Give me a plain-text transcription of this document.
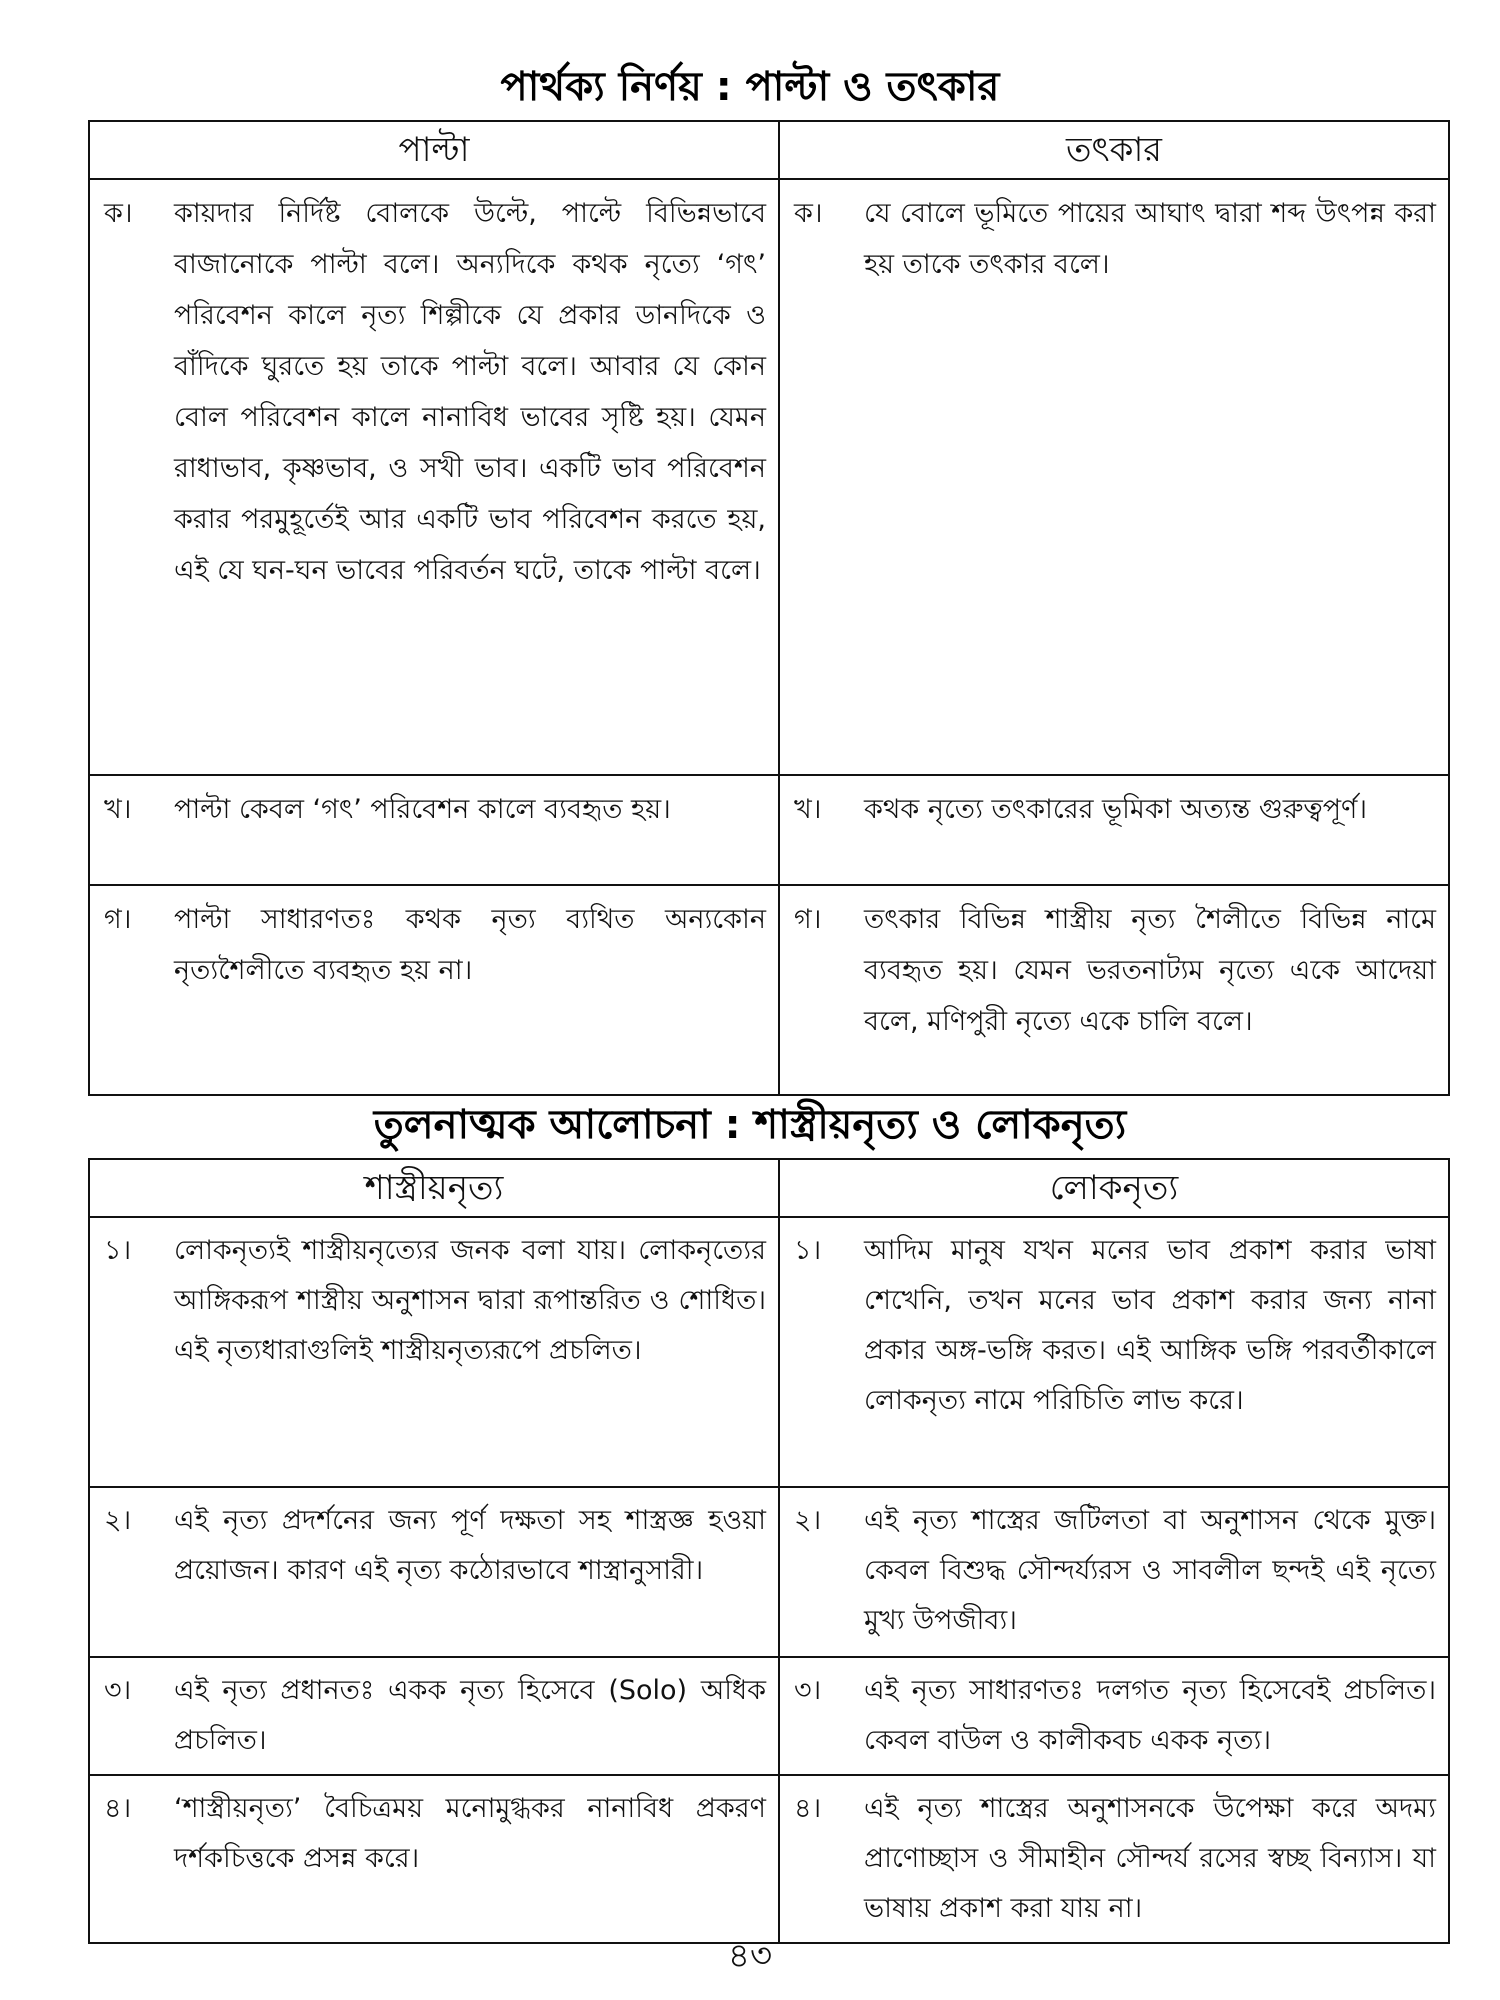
পার্থক্য নির্ণয় : পাল্টা ও তৎকার
পাল্টা	তৎকার

ক। কায়দার নির্দিষ্ট বোলকে উল্টে, পাল্টে বিভিন্নভাবে বাজানোকে পাল্টা বলে। অন্যদিকে কথক নৃত্যে ‘গৎ’ পরিবেশন কালে নৃত্য শিল্পীকে যে প্রকার ডানদিকে ও বাঁদিকে ঘুরতে হয় তাকে পাল্টা বলে। আবার যে কোন বোল পরিবেশন কালে নানাবিধ ভাবের সৃষ্টি হয়। যেমন রাধাভাব, কৃষ্ণভাব, ও সখী ভাব। একটি ভাব পরিবেশন করার পরমুহূর্তেই আর একটি ভাব পরিবেশন করতে হয়, এই যে ঘন-ঘন ভাবের পরিবর্তন ঘটে, তাকে পাল্টা বলে।	ক। যে বোলে ভূমিতে পায়ের আঘাৎ দ্বারা শব্দ উৎপন্ন করা হয় তাকে তৎকার বলে।

খ। পাল্টা কেবল ‘গৎ’ পরিবেশন কালে ব্যবহৃত হয়।	খ। কথক নৃত্যে তৎকারের ভূমিকা অত্যন্ত গুরুত্বপূর্ণ।

গ। পাল্টা সাধারণতঃ কথক নৃত্য ব্যথিত অন্যকোন নৃত্যশৈলীতে ব্যবহৃত হয় না।	গ। তৎকার বিভিন্ন শাস্ত্রীয় নৃত্য শৈলীতে বিভিন্ন নামে ব্যবহৃত হয়। যেমন ভরতনাট্যম নৃত্যে একে আদেয়া বলে, মণিপুরী নৃত্যে একে চালি বলে।
তুলনাত্মক আলোচনা : শাস্ত্রীয়নৃত্য ও লোকনৃত্য
শাস্ত্রীয়নৃত্য	লোকনৃত্য

১। লোকনৃত্যই শাস্ত্রীয়নৃত্যের জনক বলা যায়। লোকনৃত্যের আঙ্গিকরূপ শাস্ত্রীয় অনুশাসন দ্বারা রূপান্তরিত ও শোধিত। এই নৃত্যধারাগুলিই শাস্ত্রীয়নৃত্যরূপে প্রচলিত।	১। আদিম মানুষ যখন মনের ভাব প্রকাশ করার ভাষা শেখেনি, তখন মনের ভাব প্রকাশ করার জন্য নানা প্রকার অঙ্গ-ভঙ্গি করত। এই আঙ্গিক ভঙ্গি পরবর্তীকালে লোকনৃত্য নামে পরিচিতি লাভ করে।

২। এই নৃত্য প্রদর্শনের জন্য পূর্ণ দক্ষতা সহ শাস্ত্রজ্ঞ হওয়া প্রয়োজন। কারণ এই নৃত্য কঠোরভাবে শাস্ত্রানুসারী।	২। এই নৃত্য শাস্ত্রের জটিলতা বা অনুশাসন থেকে মুক্ত। কেবল বিশুদ্ধ সৌন্দর্য্যরস ও সাবলীল ছন্দই এই নৃত্যে মুখ্য উপজীব্য।

৩। এই নৃত্য প্রধানতঃ একক নৃত্য হিসেবে (Solo) অধিক প্রচলিত।	৩। এই নৃত্য সাধারণতঃ দলগত নৃত্য হিসেবেই প্রচলিত। কেবল বাউল ও কালীকবচ একক নৃত্য।

৪। ‘শাস্ত্রীয়নৃত্য’ বৈচিত্রময় মনোমুগ্ধকর নানাবিধ প্রকরণ দর্শকচিত্তকে প্রসন্ন করে।	৪। এই নৃত্য শাস্ত্রের অনুশাসনকে উপেক্ষা করে অদম্য প্রাণোচ্ছাস ও সীমাহীন সৌন্দর্য রসের স্বচ্ছ বিন্যাস। যা ভাষায় প্রকাশ করা যায় না।
৪৩
